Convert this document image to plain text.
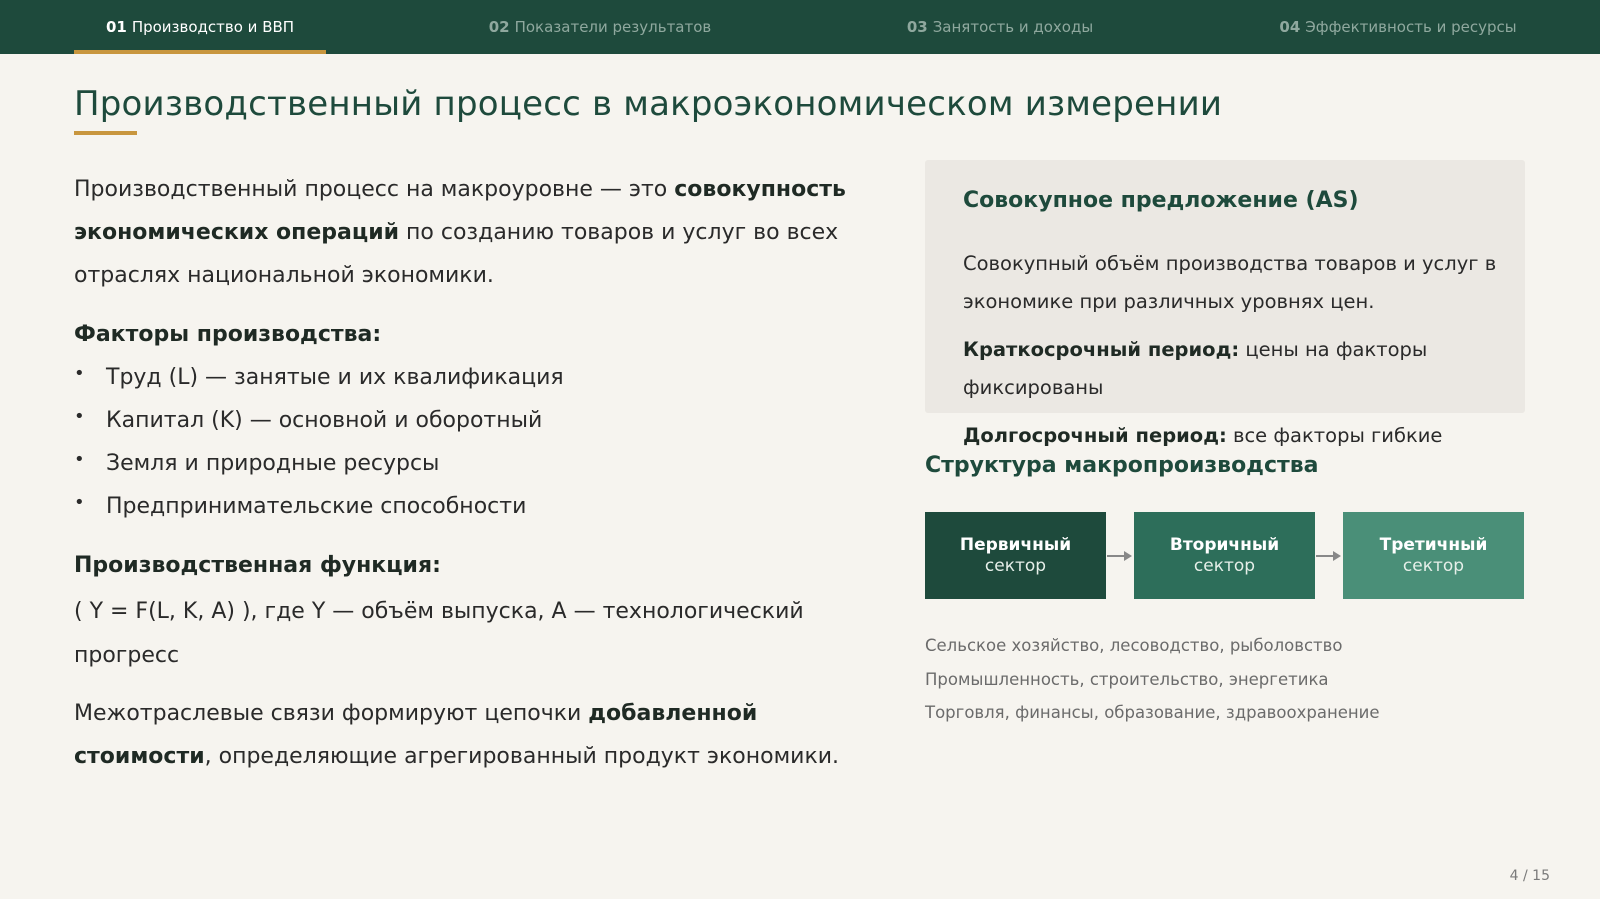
01 Производство и ВВП	02 Показатели результатов	03 Занятость и доходы	04 Эффективность и ресурсы
Производственный процесс в макроэкономическом измерении

Производственный процесс на макроуровне — это совокупность экономических операций по созданию товаров и услуг во всех отраслях национальной экономики.

Факторы производства:
• Труд (L) — занятые и их квалификация
• Капитал (K) — основной и оборотный
• Земля и природные ресурсы
• Предпринимательские способности
Производственная функция:

( Y = F(L, K, A) ), где Y — объём выпуска, A — технологический прогресс

Межотраслевые связи формируют цепочки добавленной стоимости, определяющие агрегированный продукт экономики.

Совокупное предложение (AS)

Совокупный объём производства товаров и услуг в экономике при различных уровнях цен.

Краткосрочный период: цены на факторы фиксированы

Долгосрочный период: все факторы гибкие

Структура макропроизводства
Первичный
сектор
Вторичный
сектор
Третичный
сектор
Сельское хозяйство, лесоводство, рыболовство
Промышленность, строительство, энергетика
Торговля, финансы, образование, здравоохранение
4 / 15
